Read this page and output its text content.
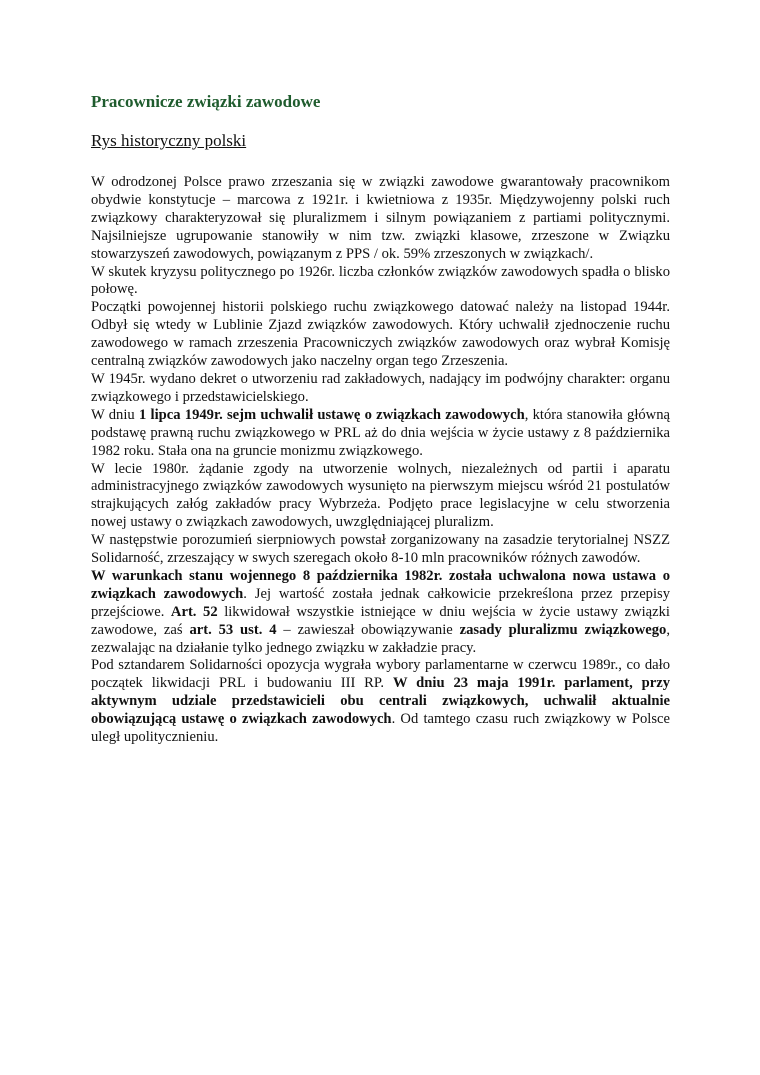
Pracownicze związki zawodowe
Rys historyczny polski

W odrodzonej Polsce prawo zrzeszania się w związki zawodowe gwarantowały pracownikom obydwie konstytucje – marcowa z 1921r. i kwietniowa z 1935r. Międzywojenny polski ruch związkowy charakteryzował się pluralizmem i silnym powiązaniem z partiami politycznymi. Najsilniejsze ugrupowanie stanowiły w nim tzw. związki klasowe, zrzeszone w Związku stowarzyszeń zawodowych, powiązanym z PPS / ok. 59% zrzeszonych w związkach/.

W skutek kryzysu politycznego po 1926r. liczba członków związków zawodowych spadła o blisko połowę.

Początki powojennej historii polskiego ruchu związkowego datować należy na listopad 1944r. Odbył się wtedy w Lublinie Zjazd związków zawodowych. Który uchwalił zjednoczenie ruchu zawodowego w ramach zrzeszenia Pracowniczych związków zawodowych oraz wybrał Komisję centralną związków zawodowych jako naczelny organ tego Zrzeszenia.

W 1945r. wydano dekret o utworzeniu rad zakładowych, nadający im podwójny charakter: organu związkowego i przedstawicielskiego.

W dniu 1 lipca 1949r. sejm uchwalił ustawę o związkach zawodowych, która stanowiła główną podstawę prawną ruchu związkowego w PRL aż do dnia wejścia w życie ustawy z 8 października 1982 roku. Stała ona na gruncie monizmu związkowego.

W lecie 1980r. żądanie zgody na utworzenie wolnych, niezależnych od partii i aparatu administracyjnego związków zawodowych wysunięto na pierwszym miejscu wśród 21 postulatów strajkujących załóg zakładów pracy Wybrzeża. Podjęto prace legislacyjne w celu stworzenia nowej ustawy o związkach zawodowych, uwzględniającej pluralizm.

W następstwie porozumień sierpniowych powstał zorganizowany na zasadzie terytorialnej NSZZ Solidarność, zrzeszający w swych szeregach około 8-10 mln pracowników różnych zawodów.

W warunkach stanu wojennego 8 października 1982r. została uchwalona nowa ustawa o związkach zawodowych. Jej wartość została jednak całkowicie przekreślona przez przepisy przejściowe. Art. 52 likwidował wszystkie istniejące w dniu wejścia w życie ustawy związki zawodowe, zaś art. 53 ust. 4 – zawieszał obowiązywanie zasady pluralizmu związkowego, zezwalając na działanie tylko jednego związku w zakładzie pracy.

Pod sztandarem Solidarności opozycja wygrała wybory parlamentarne w czerwcu 1989r., co dało początek likwidacji PRL i budowaniu III RP. W dniu 23 maja 1991r. parlament, przy aktywnym udziale przedstawicieli obu centrali związkowych, uchwalił aktualnie obowiązującą ustawę o związkach zawodowych. Od tamtego czasu ruch związkowy w Polsce uległ upolitycznieniu.
